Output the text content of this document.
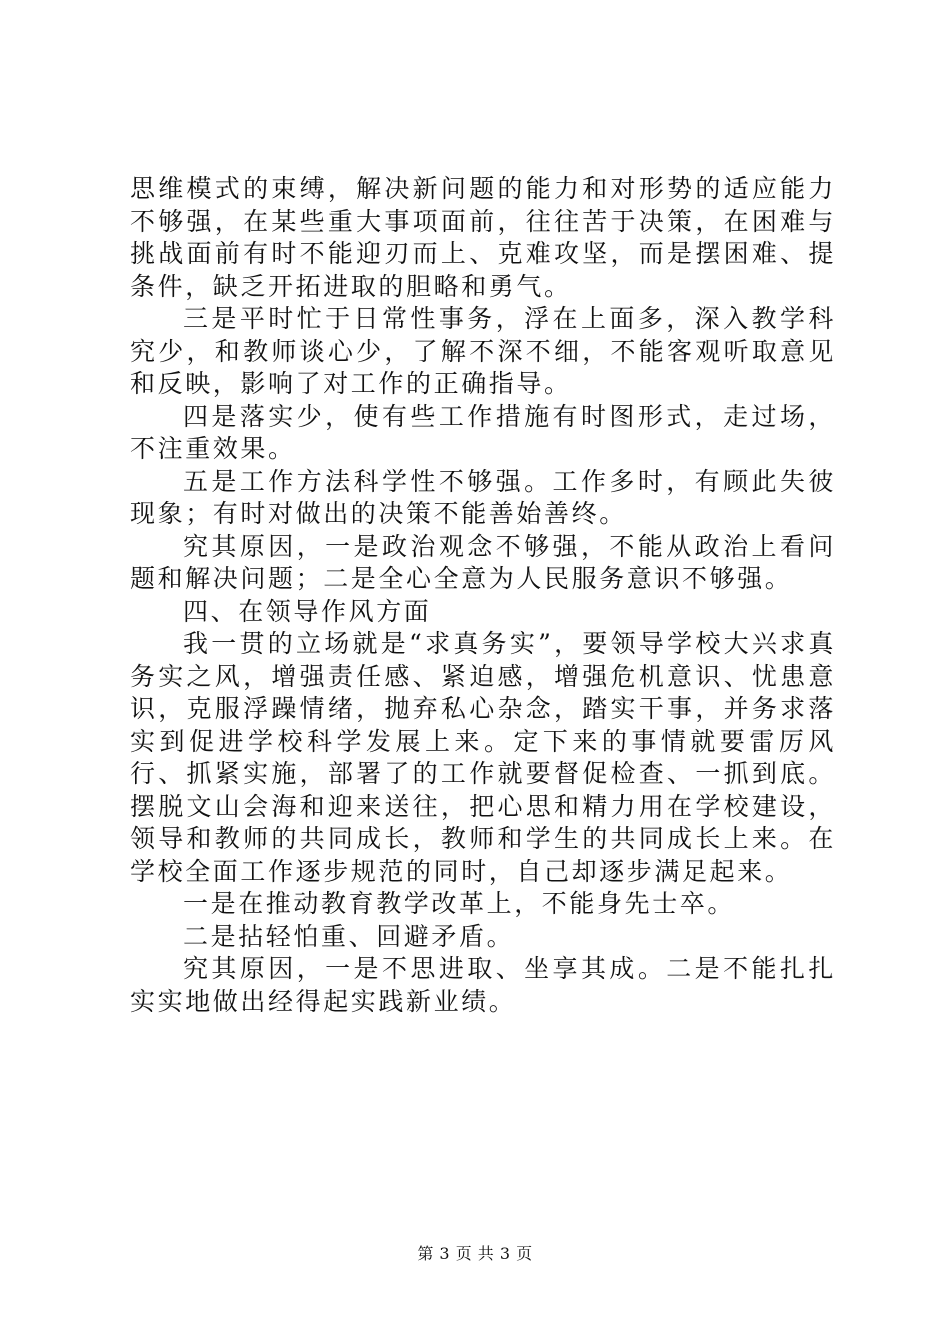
思维模式的束缚，解决新问题的能力和对形势的适应能力不够强，在某些重大事项面前，往往苦于决策，在困难与挑战面前有时不能迎刃而上、克难攻坚，而是摆困难、提条件，缺乏开拓进取的胆略和勇气。

三是平时忙于日常性事务，浮在上面多，深入教学科究少，和教师谈心少，了解不深不细，不能客观听取意见和反映，影响了对工作的正确指导。

四是落实少，使有些工作措施有时图形式，走过场，不注重效果。

五是工作方法科学性不够强。工作多时，有顾此失彼现象；有时对做出的决策不能善始善终。

究其原因，一是政治观念不够强，不能从政治上看问题和解决问题；二是全心全意为人民服务意识不够强。

四、在领导作风方面

我一贯的立场就是“求真务实”，要领导学校大兴求真务实之风，增强责任感、紧迫感，增强危机意识、忧患意识，克服浮躁情绪，抛弃私心杂念，踏实干事，并务求落实到促进学校科学发展上来。定下来的事情就要雷厉风行、抓紧实施，部署了的工作就要督促检查、一抓到底。摆脱文山会海和迎来送往，把心思和精力用在学校建设，领导和教师的共同成长，教师和学生的共同成长上来。在学校全面工作逐步规范的同时，自己却逐步满足起来。

一是在推动教育教学改革上，不能身先士卒。

二是拈轻怕重、回避矛盾。

究其原因，一是不思进取、坐享其成。二是不能扎扎实实地做出经得起实践新业绩。

第 3 页 共 3 页
